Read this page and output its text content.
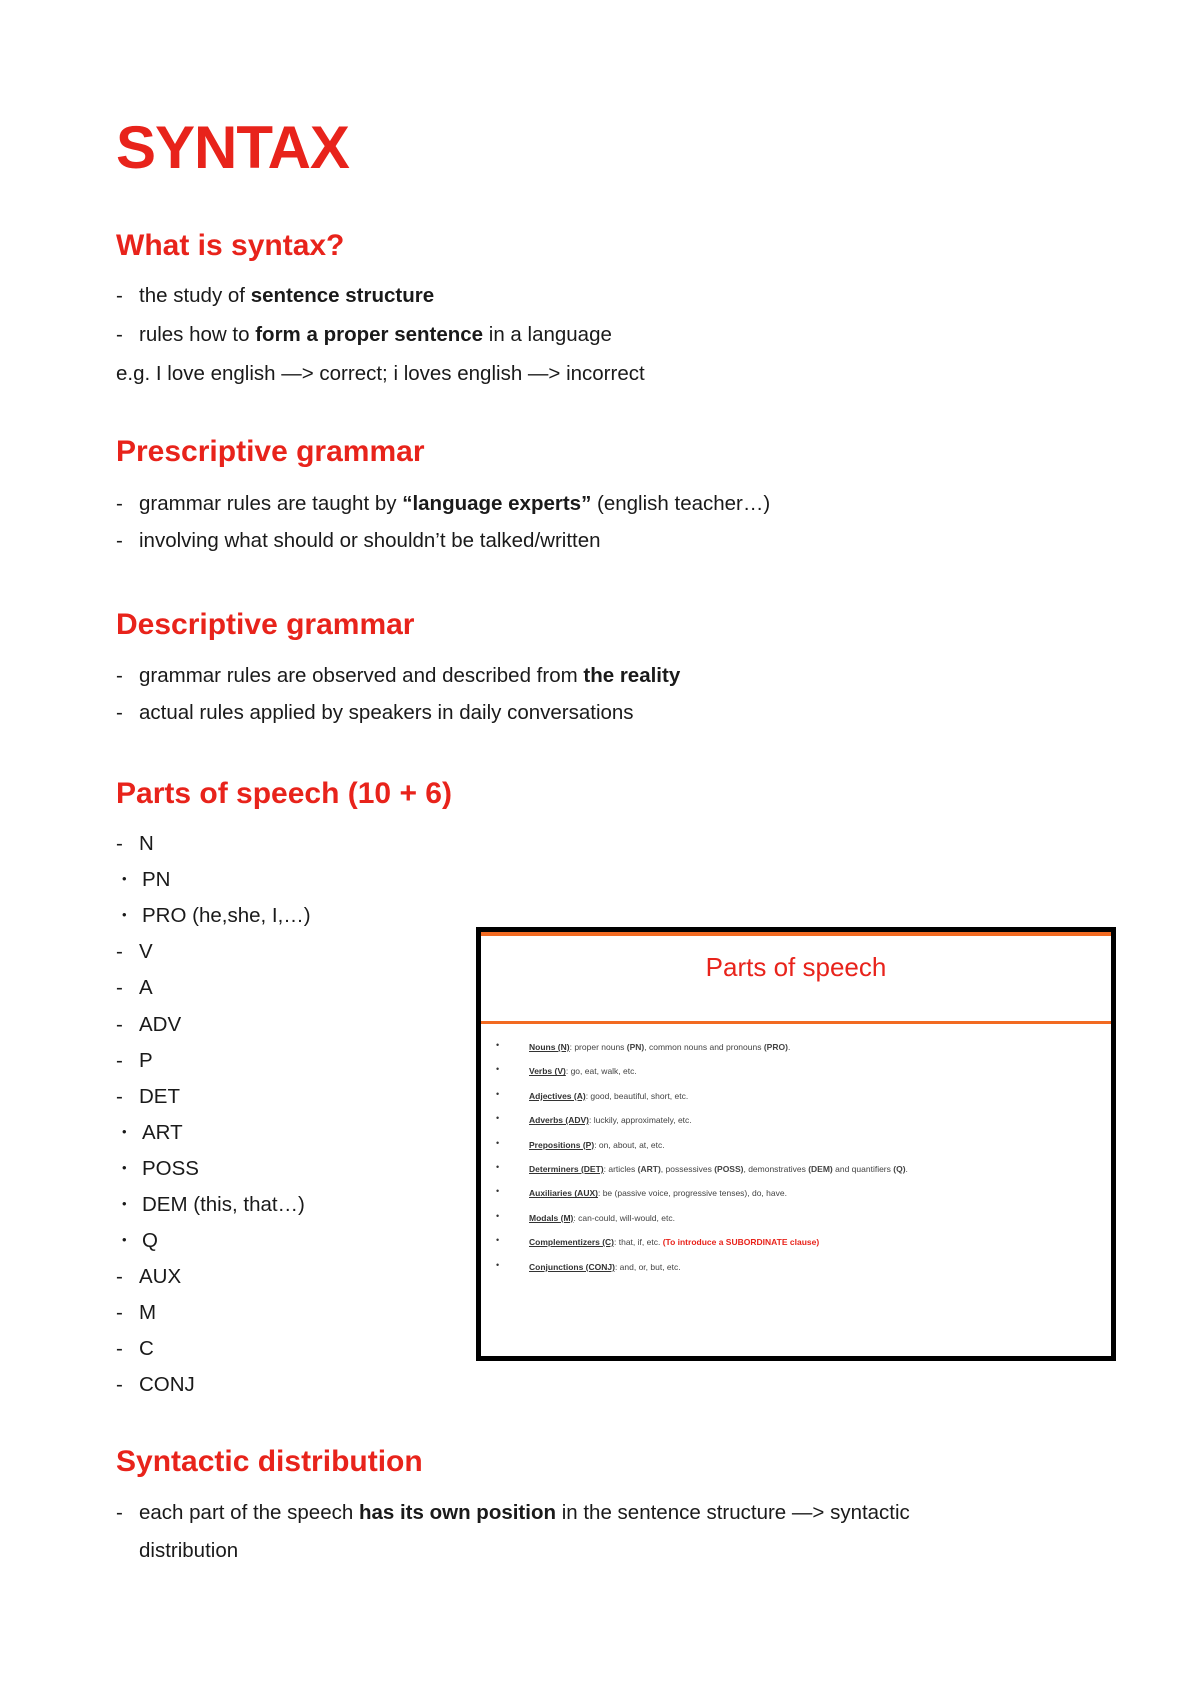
SYNTAX
What is syntax?
- the study of sentence structure
- rules how to form a proper sentence in a language
e.g. I love english —> correct; i loves english —> incorrect
Prescriptive grammar
- grammar rules are taught by “language experts” (english teacher…)
- involving what should or shouldn’t be talked/written
Descriptive grammar
- grammar rules are observed and described from the reality
- actual rules applied by speakers in daily conversations
Parts of speech (10 + 6)
- N
• PN
• PRO (he,she, I,…)
- V
- A
- ADV
- P
- DET
• ART
• POSS
• DEM (this, that…)
• Q
- AUX
- M
- C
- CONJ
Syntactic distribution
- each part of the speech has its own position in the sentence structure —> syntactic
distribution
Parts of speech
•	Nouns (N): proper nouns (PN), common nouns and pronouns (PRO).
•	Verbs (V): go, eat, walk, etc.
•	Adjectives (A): good, beautiful, short, etc.
•	Adverbs (ADV): luckily, approximately, etc.
•	Prepositions (P): on, about, at, etc.
•	Determiners (DET): articles (ART), possessives (POSS), demonstratives (DEM) and quantifiers (Q).
•	Auxiliaries (AUX): be (passive voice, progressive tenses), do, have.
•	Modals (M): can-could, will-would, etc.
•	Complementizers (C): that, if, etc. (To introduce a SUBORDINATE clause)
•	Conjunctions (CONJ): and, or, but, etc.
